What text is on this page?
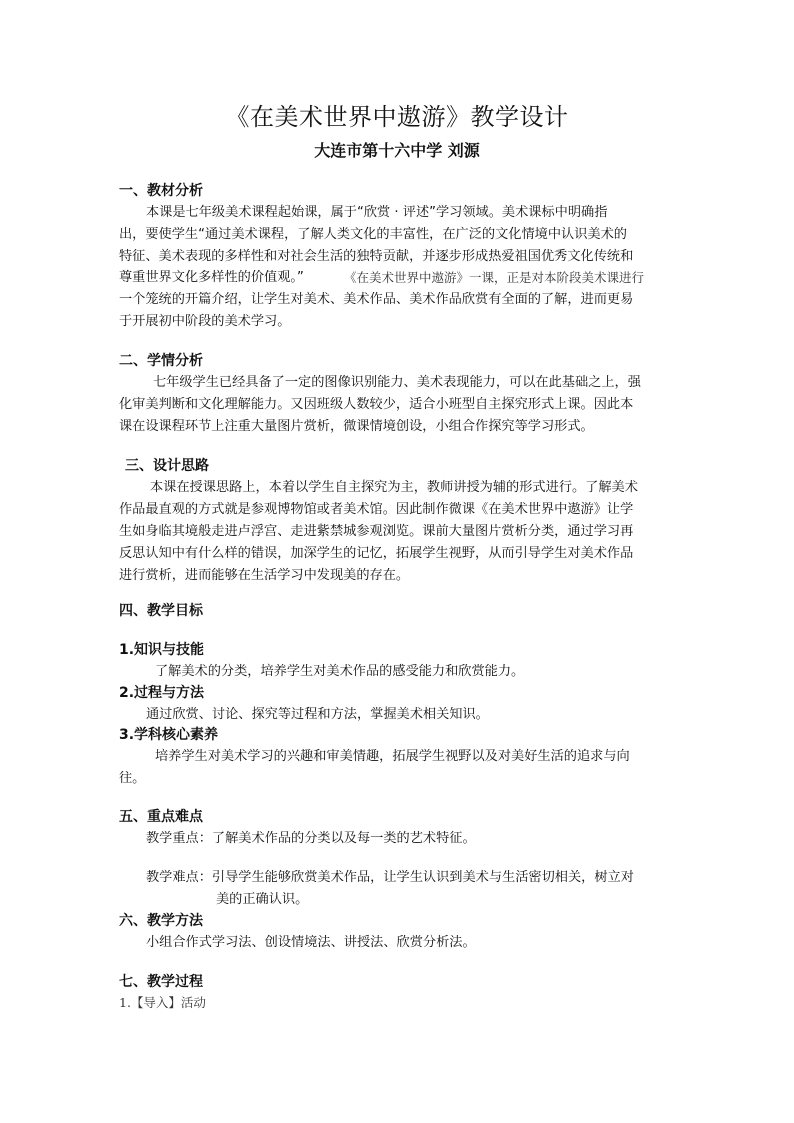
《在美术世界中遨游》教学设计
大连市第十六中学 刘源
一、教材分析
本课是七年级美术课程起始课，属于“欣赏 · 评述”学习领域。美术课标中明确指
出，要使学生“通过美术课程，了解人类文化的丰富性，在广泛的文化情境中认识美术的
特征、美术表现的多样性和对社会生活的独特贡献，并逐步形成热爱祖国优秀文化传统和
尊重世界文化多样性的价值观。”	《在美术世界中遨游》一课，正是对本阶段美术课进行
一个笼统的开篇介绍，让学生对美术、美术作品、美术作品欣赏有全面的了解，进而更易
于开展初中阶段的美术学习。
二、学情分析
七年级学生已经具备了一定的图像识别能力、美术表现能力，可以在此基础之上，强
化审美判断和文化理解能力。又因班级人数较少，适合小班型自主探究形式上课。因此本
课在设课程环节上注重大量图片赏析，微课情境创设，小组合作探究等学习形式。
三、设计思路
本课在授课思路上，本着以学生自主探究为主，教师讲授为辅的形式进行。了解美术
作品最直观的方式就是参观博物馆或者美术馆。因此制作微课《在美术世界中遨游》让学
生如身临其境般走进卢浮宫、走进紫禁城参观浏览。课前大量图片赏析分类，通过学习再
反思认知中有什么样的错误，加深学生的记忆，拓展学生视野，从而引导学生对美术作品
进行赏析，进而能够在生活学习中发现美的存在。
四、教学目标
1.知识与技能
了解美术的分类，培养学生对美术作品的感受能力和欣赏能力。
2.过程与方法
通过欣赏、讨论、探究等过程和方法，掌握美术相关知识。
3.学科核心素养
培养学生对美术学习的兴趣和审美情趣，拓展学生视野以及对美好生活的追求与向
往。
五、重点难点
教学重点：了解美术作品的分类以及每一类的艺术特征。
教学难点：引导学生能够欣赏美术作品，让学生认识到美术与生活密切相关，树立对
美的正确认识。
六、教学方法
小组合作式学习法、创设情境法、讲授法、欣赏分析法。
七、教学过程
1.【导入】活动
